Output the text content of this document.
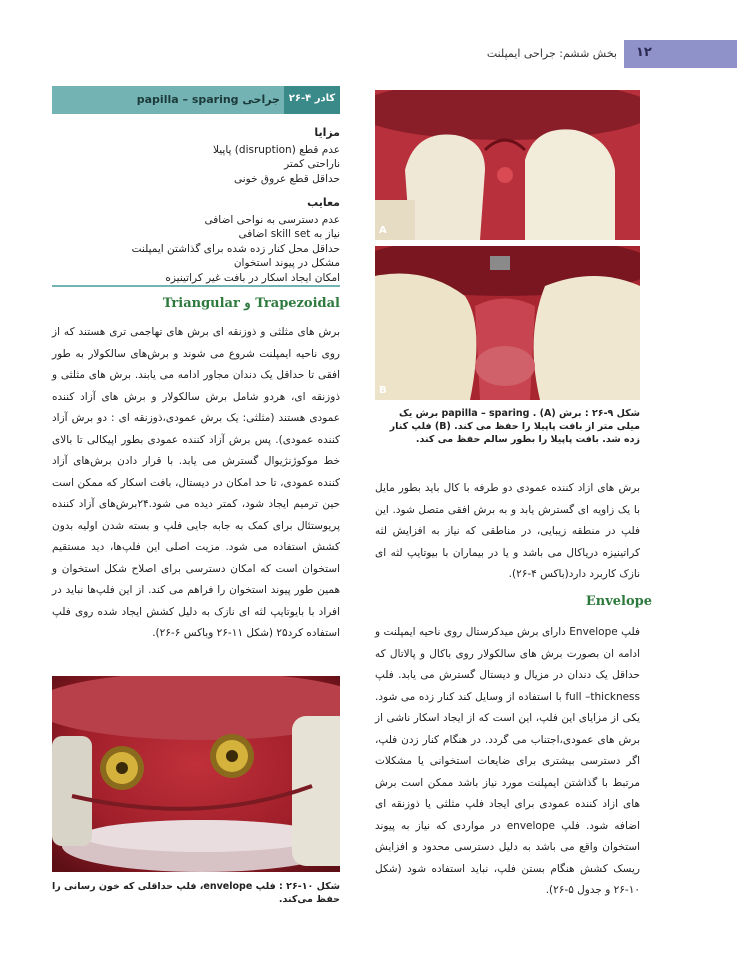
۱۲
بخش ششم: جراحی ایمپلنت
کادر ۴-۲۶
جراحی papilla – sparing
مزایا
عدم قطع (disruption) پاپیلا
ناراحتی کمتر
حداقل قطع عروق خونی
معایب
عدم دسترسی به نواحی اضافی
نیاز به skill set اضافی
حداقل محل کنار زده شده برای گذاشتن ایمپلنت
مشکل در پیوند استخوان
امکان ایجاد اسکار در بافت غیر کراتینیزه
Trapezoidal و Triangular
برش های مثلثی و ذوزنقه ای برش های تهاجمی تری هستند که از روی ناحیه ایمپلنت شروع می شوند و برش‌های سالکولار به طور افقی تا حداقل یک دندان مجاور ادامه می یابند. برش های مثلثی و ذوزنقه ای، هردو شامل برش سالکولار و برش های آزاد کننده عمودی هستند (مثلثی: یک برش عمودی،ذوزنقه ای : دو برش آزاد کننده عمودی). پس برش آزاد کننده عمودی بطور اپیکالی تا بالای خط موکوژنژیوال گسترش می یابد. با قرار دادن برش‌های آزاد کننده عمودی، تا حد امکان در دیستال، بافت اسکار که ممکن است حین ترمیم ایجاد شود، کمتر دیده می شود.۲۴برش‌های آزاد کننده پریوستئال برای کمک به جابه جایی فلپ و بسته شدن اولیه بدون کشش استفاده می شود. مزیت اصلی این فلپ‌ها، دید مستقیم استخوان است که امکان دسترسی برای اصلاح شکل استخوان و همین طور پیوند استخوان را فراهم می کند. از این فلپ‌ها نباید در افراد با بایوتایپ لثه ای نازک به دلیل کشش ایجاد شده روی فلپ استفاده کرد۲۵ (شکل ۱۱-۲۶ وباکس ۶-۲۶).
شکل ۱۰-۲۶ : فلپ envelope، فلپ حداقلی که خون رسانی را حفظ می‌کند.
A
B
شکل ۹-۲۶ : برش papilla – sparing . (A) برش یک میلی متر از بافت پاپیلا را حفظ می کند. (B) فلپ کنار زده شد. بافت پاپیلا را بطور سالم حفظ می کند.
برش های ازاد کننده عمودی دو طرفه با کال باید بطور مایل با یک زاویه ای گسترش یابد و به برش افقی متصل شود. این فلپ در منطقه زیبایی، در مناطقی که نیاز به افزایش لثه کراتینیزه دریاکال می باشد و یا در بیماران با بیوتایپ لثه ای نازک کاربرد دارد(باکس ۴-۲۶).
Envelope
فلپ Envelope دارای برش میدکرستال روی ناحیه ایمپلنت و ادامه ان بصورت برش های سالکولار روی باکال و پالاتال که حداقل یک دندان در مزیال و دیستال گسترش می یابد. فلپ full –thickness با استفاده از وسایل کند کنار زده می شود. یکی از مزایای این فلپ، این است که از ایجاد اسکار ناشی از برش های عمودی،اجتناب می گردد. در هنگام کنار زدن فلپ، اگر دسترسی بیشتری برای ضایعات استخوانی یا مشکلات مرتبط با گذاشتن ایمپلنت مورد نیاز باشد ممکن است برش های ازاد کننده عمودی برای ایجاد فلپ مثلثی یا ذوزنقه ای اضافه شود. فلپ envelope در مواردی که نیاز به پیوند استخوان واقع می باشد به دلیل دسترسی محدود و افزایش ریسک کشش هنگام بستن فلپ، نباید استفاده شود (شکل ۱۰-۲۶ و جدول ۵-۲۶).
